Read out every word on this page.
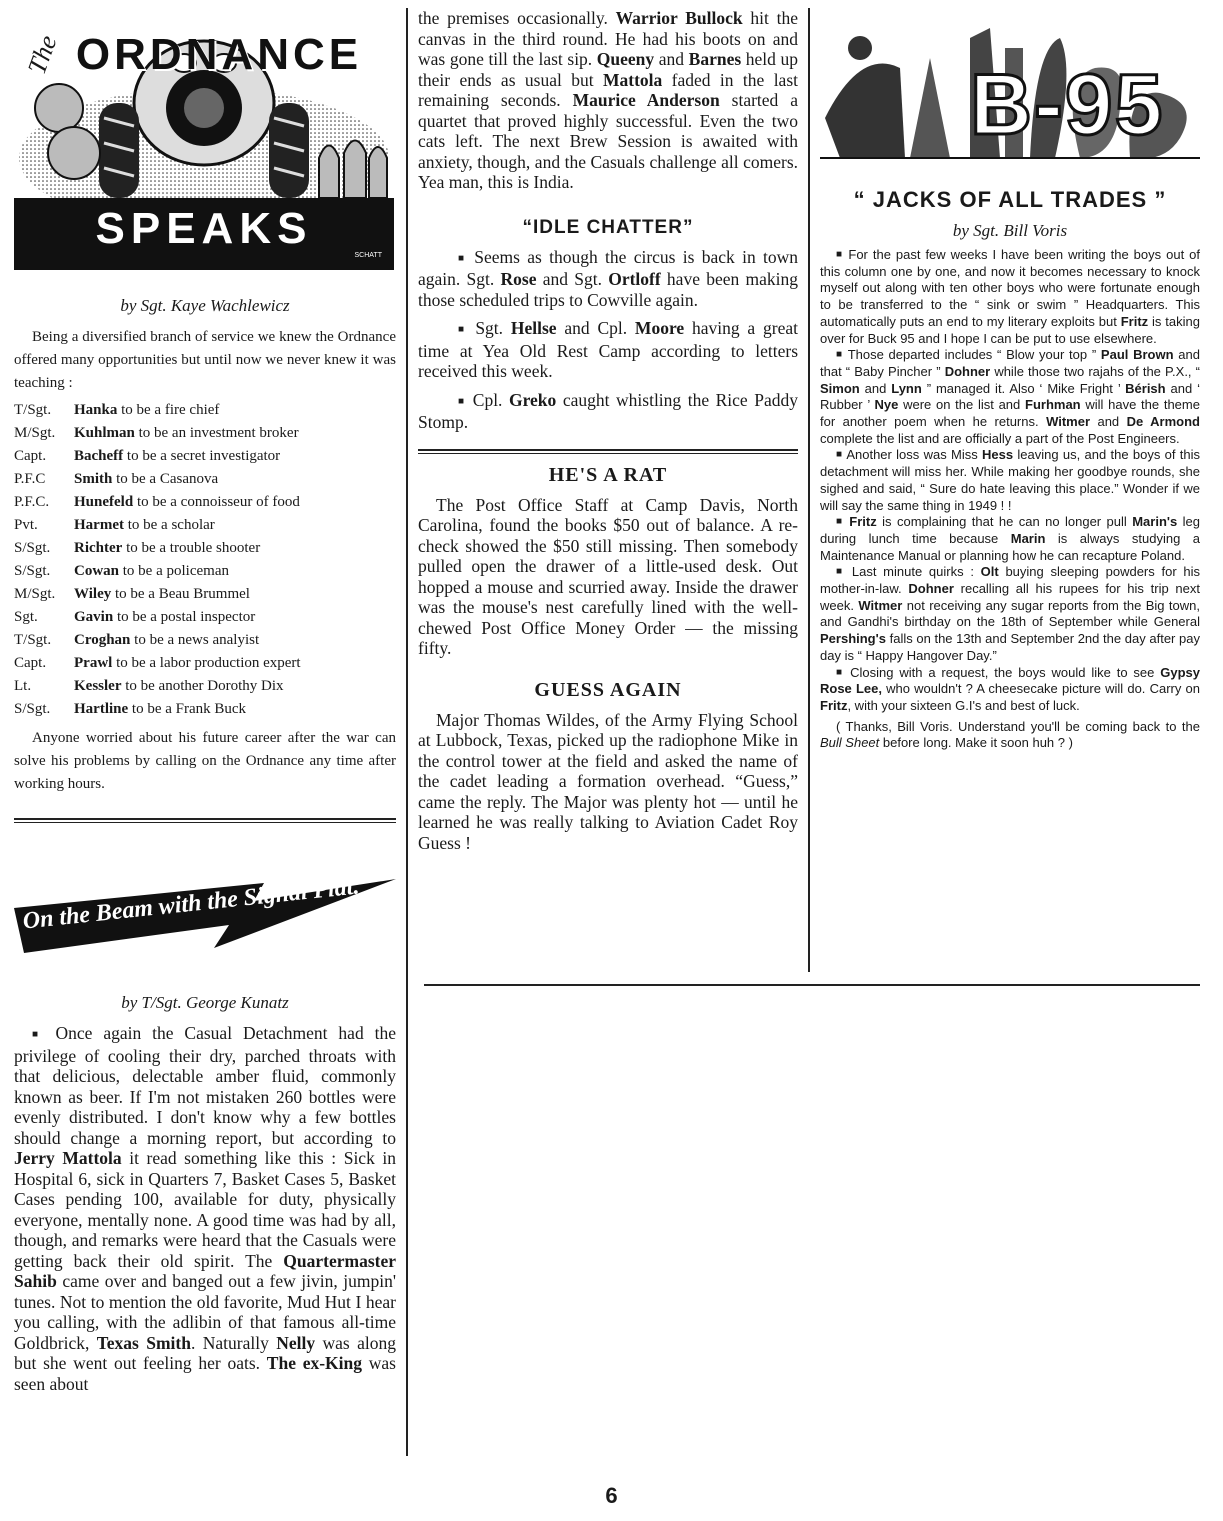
The ORDNANCE
SPEAKS
SCHATT
by Sgt. Kaye Wachlewicz

Being a diversified branch of service we knew the Ordnance offered many opportunities but until now we never knew it was teaching :

T/Sgt.	Hanka to be a fire chief
M/Sgt.	Kuhlman to be an investment broker
Capt.	Bacheff to be a secret investigator
P.F.C	Smith to be a Casanova
P.F.C.	Hunefeld to be a connoisseur of food
Pvt.	Harmet to be a scholar
S/Sgt.	Richter to be a trouble shooter
S/Sgt.	Cowan to be a policeman
M/Sgt.	Wiley to be a Beau Brummel
Sgt.	Gavin to be a postal inspector
T/Sgt.	Croghan to be a news analyist
Capt.	Prawl to be a labor production expert
Lt.	Kessler to be another Dorothy Dix
S/Sgt.	Hartline to be a Frank Buck

Anyone worried about his future career after the war can solve his problems by calling on the Ordnance any time after working hours.

On the Beam with the Signal Plat.
by T/Sgt. George Kunatz

■ Once again the Casual Detachment had the privilege of cooling their dry, parched throats with that delicious, delectable amber fluid, commonly known as beer. If I'm not mistaken 260 bottles were evenly distributed. I don't know why a few bottles should change a morning report, but according to Jerry Mattola it read something like this : Sick in Hospital 6, sick in Quarters 7, Basket Cases 5, Basket Cases pending 100, available for duty, physically everyone, mentally none. A good time was had by all, though, and remarks were heard that the Casuals were getting back their old spirit. The Quartermaster Sahib came over and banged out a few jivin, jumpin' tunes. Not to mention the old favorite, Mud Hut I hear you calling, with the adlibin of that famous all-time Goldbrick, Texas Smith. Naturally Nelly was along but she went out feeling her oats. The ex-King was seen about

the premises occasionally. Warrior Bullock hit the canvas in the third round. He had his boots on and was gone till the last sip. Queeny and Barnes held up their ends as usual but Mattola faded in the last remaining seconds. Maurice Anderson started a quartet that proved highly successful. Even the two cats left. The next Brew Session is awaited with anxiety, though, and the Casuals challenge all comers. Yea man, this is India.

“IDLE CHATTER”

■ Seems as though the circus is back in town again. Sgt. Rose and Sgt. Ortloff have been making those scheduled trips to Cowville again.

■ Sgt. Hellse and Cpl. Moore having a great time at Yea Old Rest Camp according to letters received this week.

■ Cpl. Greko caught whistling the Rice Paddy Stomp.

HE'S A RAT

The Post Office Staff at Camp Davis, North Carolina, found the books $50 out of balance. A re-check showed the $50 still missing. Then somebody pulled open the drawer of a little-used desk. Out hopped a mouse and scurried away. Inside the drawer was the mouse's nest carefully lined with the well-chewed Post Office Money Order — the missing fifty.

GUESS AGAIN

Major Thomas Wildes, of the Army Flying School at Lubbock, Texas, picked up the radiophone Mike in the control tower at the field and asked the name of the cadet leading a formation overhead. “Guess,” came the reply. The Major was plenty hot — until he learned he was really talking to Aviation Cadet Roy Guess !

B-95
“ JACKS OF ALL TRADES ”
by Sgt. Bill Voris

■ For the past few weeks I have been writing the boys out of this column one by one, and now it becomes necessary to knock myself out along with ten other boys who were fortunate enough to be transferred to the “ sink or swim ” Headquarters. This automatically puts an end to my literary exploits but Fritz is taking over for Buck 95 and I hope I can be put to use elsewhere.

■ Those departed includes “ Blow your top ” Paul Brown and that “ Baby Pincher ” Dohner while those two rajahs of the P.X., “ Simon and Lynn ” managed it. Also ‘ Mike Fright ’ Bérish and ‘ Rubber ’ Nye were on the list and Furhman will have the theme for another poem when he returns. Witmer and De Armond complete the list and are officially a part of the Post Engineers.

■ Another loss was Miss Hess leaving us, and the boys of this detachment will miss her. While making her goodbye rounds, she sighed and said, “ Sure do hate leaving this place.” Wonder if we will say the same thing in 1949 ! !

■ Fritz is complaining that he can no longer pull Marin's leg during lunch time because Marin is always studying a Maintenance Manual or planning how he can recapture Poland.

■ Last minute quirks : Olt buying sleeping powders for his mother-in-law. Dohner recalling all his rupees for his trip next week. Witmer not receiving any sugar reports from the Big town, and Gandhi's birthday on the 18th of September while General Pershing's falls on the 13th and September 2nd the day after pay day is “ Happy Hangover Day.”

■ Closing with a request, the boys would like to see Gypsy Rose Lee, who wouldn't ? A cheesecake picture will do. Carry on Fritz, with your sixteen G.I's and best of luck.

( Thanks, Bill Voris. Understand you'll be coming back to the Bull Sheet before long. Make it soon huh ? )

6
